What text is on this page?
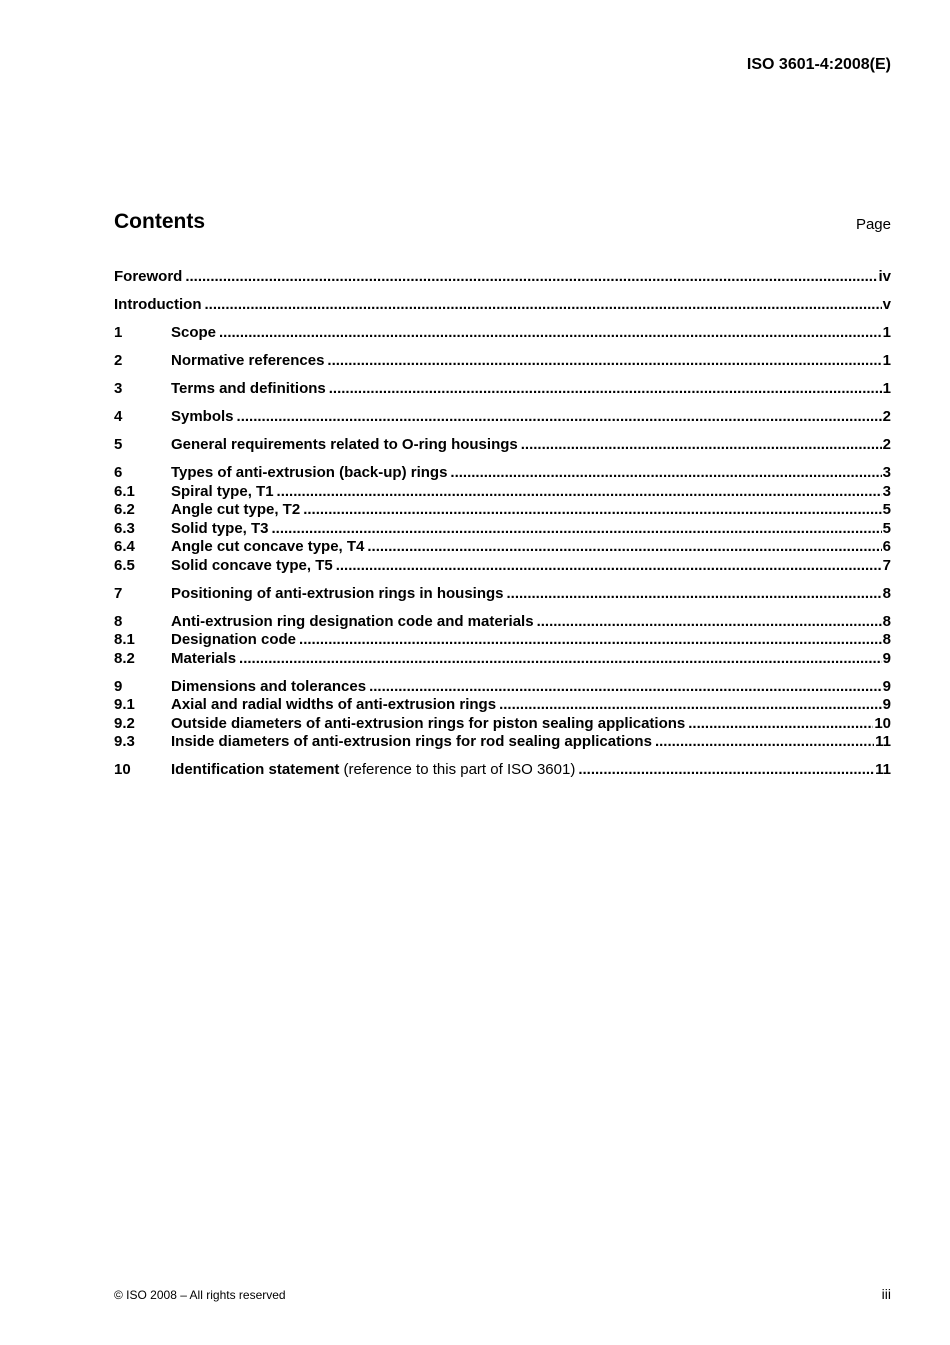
ISO 3601-4:2008(E)
Contents	Page
Foreword .....	iv
Introduction .....	v
1	Scope .....	1
2	Normative references .....	1
3	Terms and definitions .....	1
4	Symbols .....	2
5	General requirements related to O-ring housings .....	2
6	Types of anti-extrusion (back-up) rings .....	3
6.1	Spiral type, T1 .....	3
6.2	Angle cut type, T2 .....	5
6.3	Solid type, T3 .....	5
6.4	Angle cut concave type, T4 .....	6
6.5	Solid concave type, T5 .....	7
7	Positioning of anti-extrusion rings in housings .....	8
8	Anti-extrusion ring designation code and materials .....	8
8.1	Designation code .....	8
8.2	Materials .....	9
9	Dimensions and tolerances .....	9
9.1	Axial and radial widths of anti-extrusion rings .....	9
9.2	Outside diameters of anti-extrusion rings for piston sealing applications .....	10
9.3	Inside diameters of anti-extrusion rings for rod sealing applications .....	11
10	Identification statement (reference to this part of ISO 3601) .....	11
© ISO 2008 – All rights reserved	iii
